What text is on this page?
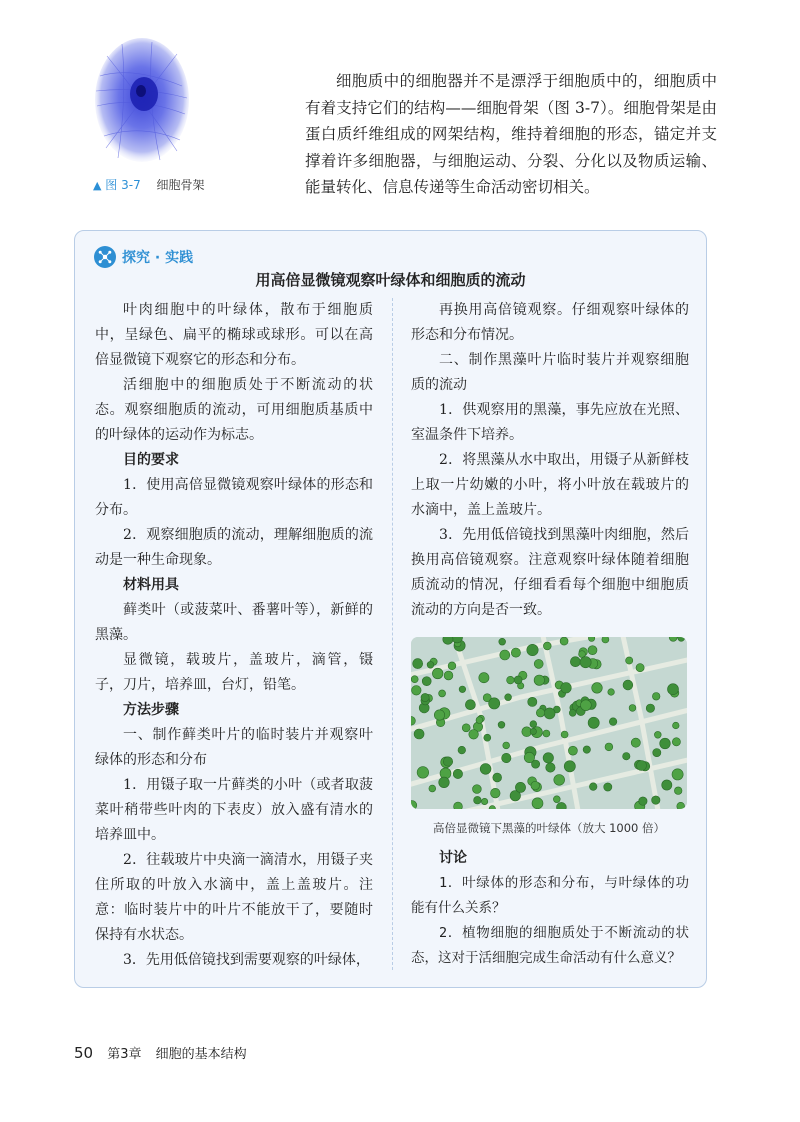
▲ 图 3-7 细胞骨架

细胞质中的细胞器并不是漂浮于细胞质中的，细胞质中有着支持它们的结构——细胞骨架（图 3-7）。细胞骨架是由蛋白质纤维组成的网架结构，维持着细胞的形态，锚定并支撑着许多细胞器，与细胞运动、分裂、分化以及物质运输、能量转化、信息传递等生命活动密切相关。

探究 · 实践
用高倍显微镜观察叶绿体和细胞质的流动

叶肉细胞中的叶绿体，散布于细胞质中，呈绿色、扁平的椭球或球形。可以在高倍显微镜下观察它的形态和分布。

活细胞中的细胞质处于不断流动的状态。观察细胞质的流动，可用细胞质基质中的叶绿体的运动作为标志。

目的要求

1．使用高倍显微镜观察叶绿体的形态和分布。

2．观察细胞质的流动，理解细胞质的流动是一种生命现象。

材料用具

藓类叶（或菠菜叶、番薯叶等），新鲜的黑藻。

显微镜，载玻片，盖玻片，滴管，镊子，刀片，培养皿，台灯，铅笔。

方法步骤

一、制作藓类叶片的临时装片并观察叶绿体的形态和分布

1．用镊子取一片藓类的小叶（或者取菠菜叶稍带些叶肉的下表皮）放入盛有清水的培养皿中。

2．往载玻片中央滴一滴清水，用镊子夹住所取的叶放入水滴中，盖上盖玻片。注意：临时装片中的叶片不能放干了，要随时保持有水状态。

3．先用低倍镜找到需要观察的叶绿体，

再换用高倍镜观察。仔细观察叶绿体的形态和分布情况。

二、制作黑藻叶片临时装片并观察细胞质的流动

1．供观察用的黑藻，事先应放在光照、室温条件下培养。

2．将黑藻从水中取出，用镊子从新鲜枝上取一片幼嫩的小叶，将小叶放在载玻片的水滴中，盖上盖玻片。

3．先用低倍镜找到黑藻叶肉细胞，然后换用高倍镜观察。注意观察叶绿体随着细胞质流动的情况，仔细看看每个细胞中细胞质流动的方向是否一致。

高倍显微镜下黑藻的叶绿体（放大 1000 倍）
讨论

1．叶绿体的形态和分布，与叶绿体的功能有什么关系？

2．植物细胞的细胞质处于不断流动的状态，这对于活细胞完成生命活动有什么意义？

50 第3章 细胞的基本结构
